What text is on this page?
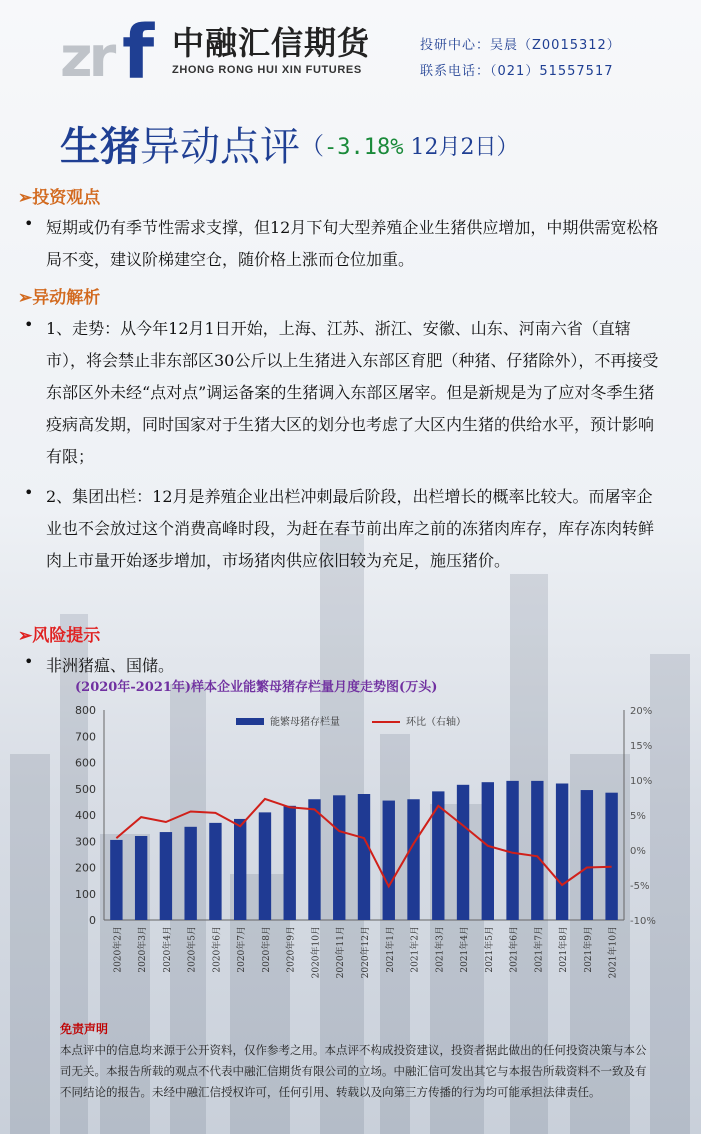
zr f 中融汇信期货
ZHONG RONG HUI XIN FUTURES
投研中心：吴晨（Z0015312）
联系电话：（021）51557517
生猪异动点评（-3.18% 12月2日）
➢投资观点
• 短期或仍有季节性需求支撑，但12月下旬大型养殖企业生猪供应增加，中期供需宽松格局不变，建议阶梯建空仓，随价格上涨而仓位加重。
➢异动解析
• 1、走势：从今年12月1日开始，上海、江苏、浙江、安徽、山东、河南六省（直辖市），将会禁止非东部区30公斤以上生猪进入东部区育肥（种猪、仔猪除外），不再接受东部区外未经“点对点”调运备案的生猪调入东部区屠宰。但是新规是为了应对冬季生猪疫病高发期，同时国家对于生猪大区的划分也考虑了大区内生猪的供给水平，预计影响有限；
• 2、集团出栏：12月是养殖企业出栏冲刺最后阶段，出栏增长的概率比较大。而屠宰企业也不会放过这个消费高峰时段，为赶在春节前出库之前的冻猪肉库存，库存冻肉转鲜肉上市量开始逐步增加，市场猪肉供应依旧较为充足，施压猪价。
➢风险提示
• 非洲猪瘟、国储。
(2020年-2021年)样本企业能繁母猪存栏量月度走势图(万头)
0
100
200
300
400
500
600
700
800
-10%
-5%
0%
5%
10%
15%
20%
2020年2月 2020年3月 2020年4月 2020年5月 2020年6月 2020年7月 2020年8月 2020年9月 2020年10月 2020年11月 2020年12月 2021年1月 2021年2月 2021年3月 2021年4月 2021年5月 2021年6月 2021年7月 2021年8月 2021年9月 2021年10月
能繁母猪存栏量	环比（右轴）
免责声明
本点评中的信息均来源于公开资料，仅作参考之用。本点评不构成投资建议，投资者据此做出的任何投资决策与本公司无关。本报告所载的观点不代表中融汇信期货有限公司的立场。中融汇信可发出其它与本报告所载资料不一致及有不同结论的报告。未经中融汇信授权许可，任何引用、转载以及向第三方传播的行为均可能承担法律责任。
